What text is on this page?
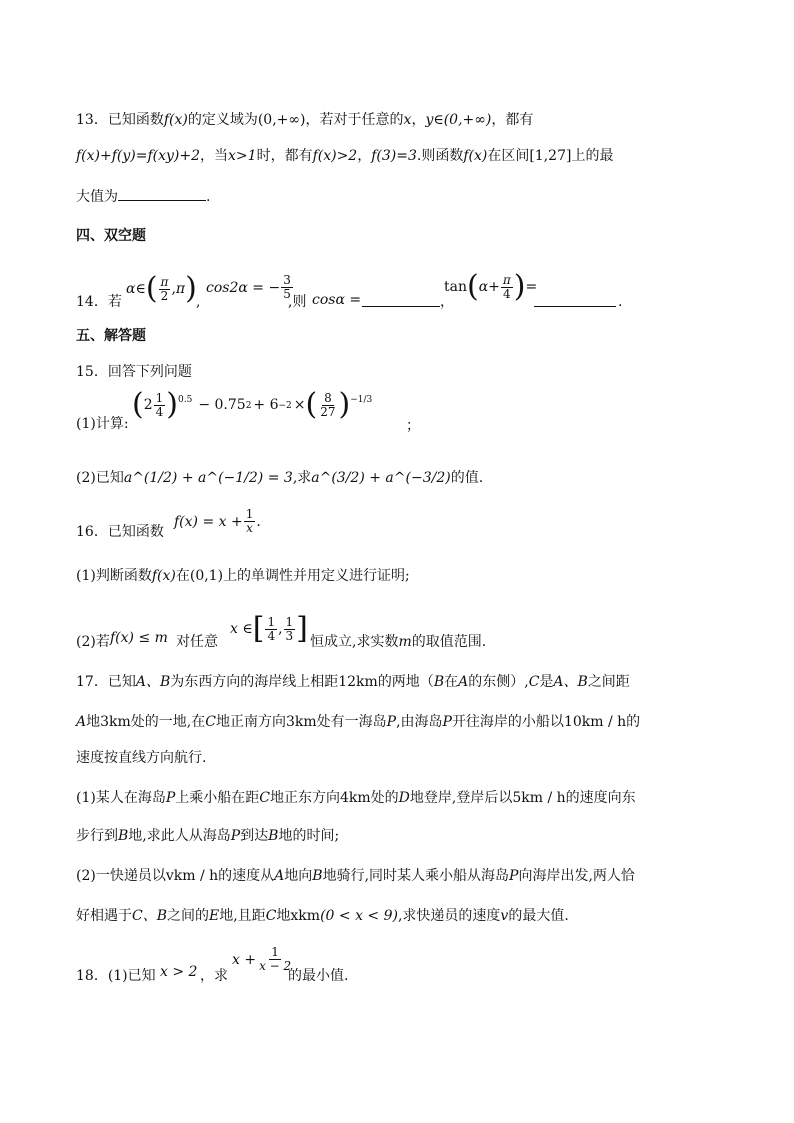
13．已知函数f(x)的定义域为(0,+∞)，若对于任意的x，y∈(0,+∞)，都有
f(x)+f(y)=f(xy)+2，当x>1时，都有f(x)>2，f(3)=3.则函数f(x)在区间[1,27]上的最
大值为	.
四、双空题
14．若
α∈ ( $\frac{\pi}{2}$ , π ) ,
cos2α = − $\frac{3}{5}$
,则 cosα =	，
tan ( $\alpha+ \frac{\pi}{4}$ ) =
.
五、解答题
15．回答下列问题
(1)计算:
( $2 \frac{1}{4} )^{0.5} - 0.75$ 2 + 6 −2 × ( $\frac{8}{27} )^{-1/3}$
；
(2)已知a^(1/2) + a^(−1/2) = 3,求a^(3/2) + a^(−3/2)的值.
16．已知函数
$f(x) = x + \frac{1}{x}$ .
(1)判断函数f(x)在(0,1)上的单调性并用定义进行证明;
(2)若 f(x) ≤ m 对任意
x ∈ [ $\frac{1}{4}$ , $\frac{1}{3}$ ] 恒成立,求实数m的取值范围.
17．已知A、B为东西方向的海岸线上相距12km的两地（B在A的东侧）,C是A、B之间距
A地3km处的一地,在C地正南方向3km处有一海岛P,由海岛P开往海岸的小船以10km / h的
速度按直线方向航行.
(1)某人在海岛P上乘小船在距C地正东方向4km处的D地登岸,登岸后以5km / h的速度向东
步行到B地,求此人从海岛P到达B地的时间;
(2)一快递员以vkm / h的速度从A地向B地骑行,同时某人乘小船从海岛P向海岸出发,两人恰
好相遇于C、B之间的E地,且距C地xkm(0 < x < 9),求快递员的速度v的最大值.
18．(1)已知 x > 2 ，求
$x + \frac{1}{x - 2}$
的最小值.
